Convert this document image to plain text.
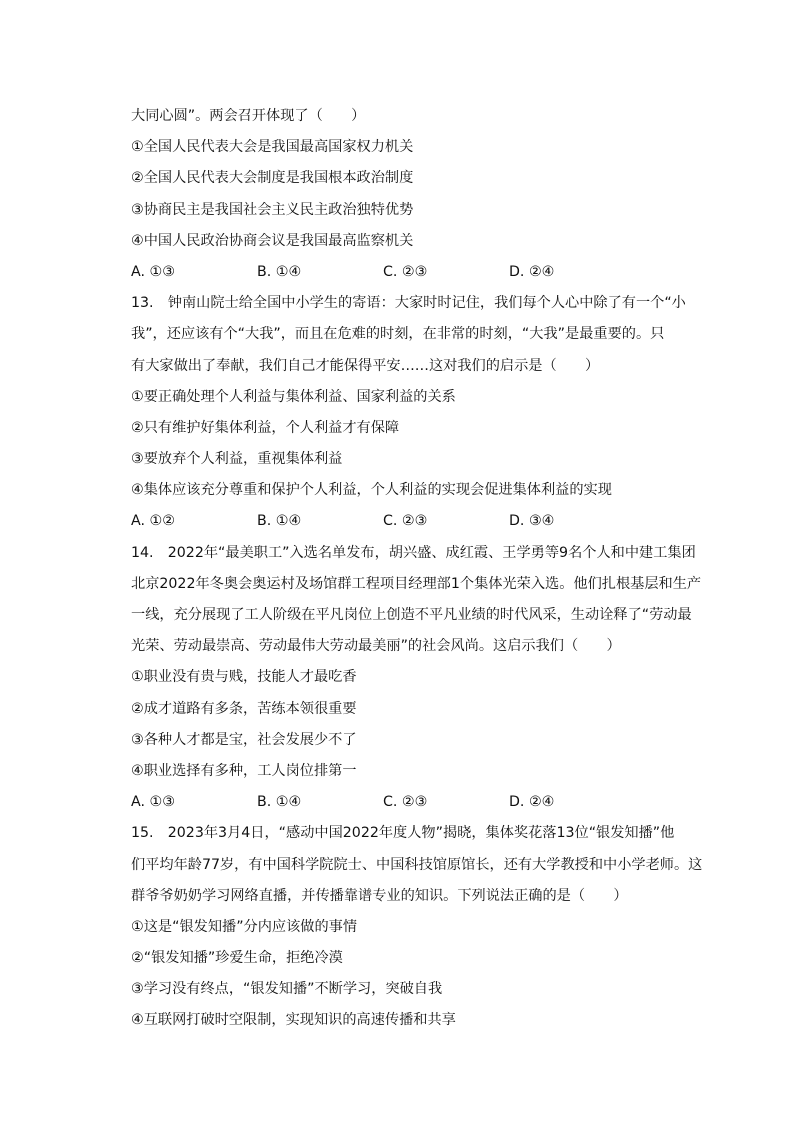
大同心圆”。两会召开体现了（　　）
①全国人民代表大会是我国最高国家权力机关
②全国人民代表大会制度是我国根本政治制度
③协商民主是我国社会主义民主政治独特优势
④中国人民政治协商会议是我国最高监察机关
A. ①③	B. ①④	C. ②③	D. ②④
13.　钟南山院士给全国中小学生的寄语：大家时时记住，我们每个人心中除了有一个“小
我”，还应该有个“大我”，而且在危难的时刻，在非常的时刻，“大我”是最重要的。只
有大家做出了奉献，我们自己才能保得平安……这对我们的启示是（　　）
①要正确处理个人利益与集体利益、国家利益的关系
②只有维护好集体利益，个人利益才有保障
③要放弃个人利益，重视集体利益
④集体应该充分尊重和保护个人利益，个人利益的实现会促进集体利益的实现
A. ①②	B. ①④	C. ②③	D. ③④
14.　2022年“最美职工”入选名单发布，胡兴盛、成红霞、王学勇等9名个人和中建工集团
北京2022年冬奥会奥运村及场馆群工程项目经理部1个集体光荣入选。他们扎根基层和生产
一线，充分展现了工人阶级在平凡岗位上创造不平凡业绩的时代风采，生动诠释了“劳动最
光荣、劳动最崇高、劳动最伟大劳动最美丽”的社会风尚。这启示我们（　　）
①职业没有贵与贱，技能人才最吃香
②成才道路有多条，苦练本领很重要
③各种人才都是宝，社会发展少不了
④职业选择有多种，工人岗位排第一
A. ①③	B. ①④	C. ②③	D. ②④
15.　2023年3月4日，“感动中国2022年度人物”揭晓，集体奖花落13位“银发知播”他
们平均年龄77岁，有中国科学院院士、中国科技馆原馆长，还有大学教授和中小学老师。这
群爷爷奶奶学习网络直播，并传播靠谱专业的知识。下列说法正确的是（　　）
①这是“银发知播”分内应该做的事情
②“银发知播”珍爱生命，拒绝冷漠
③学习没有终点，“银发知播”不断学习，突破自我
④互联网打破时空限制，实现知识的高速传播和共享
